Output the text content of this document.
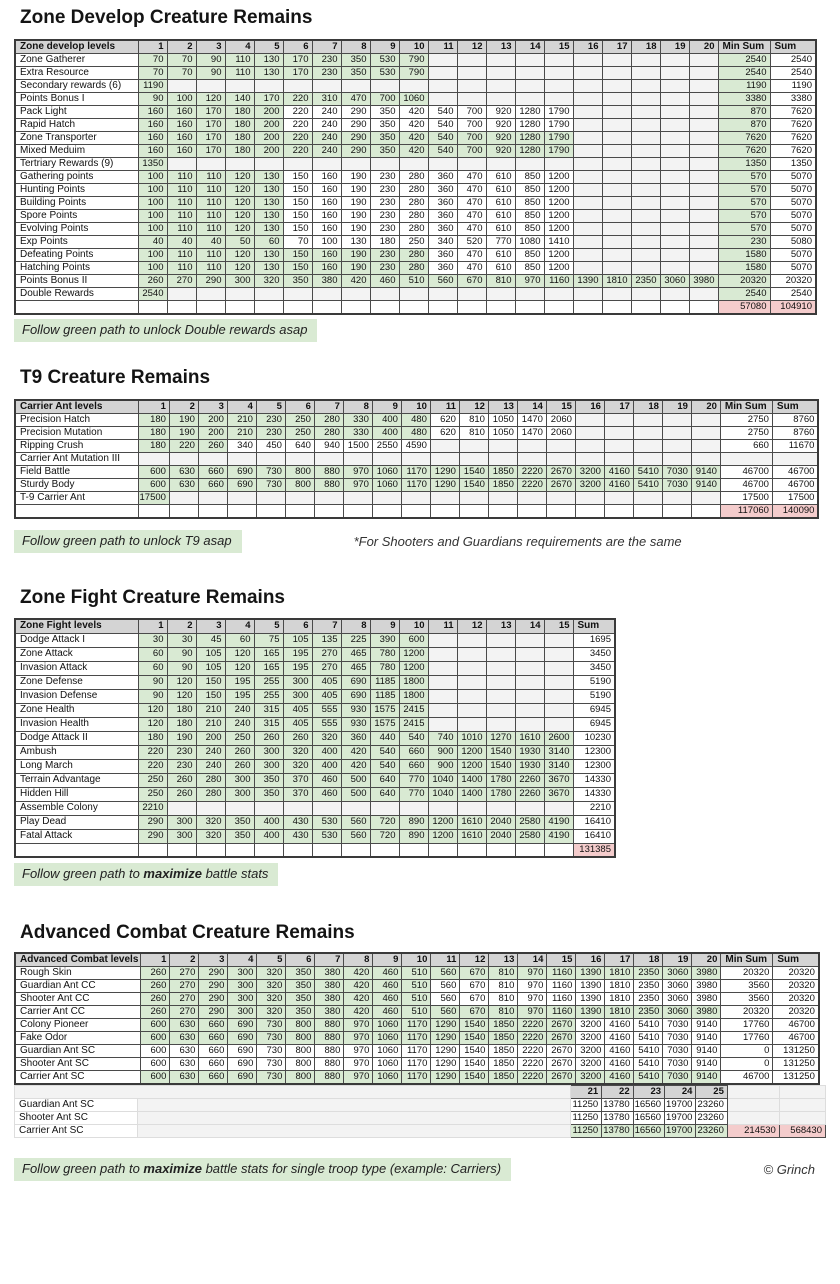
Zone Develop Creature Remains
Zone develop levels	1	2	3	4	5	6	7	8	9	10	11	12	13	14	15	16	17	18	19	20	Min Sum	Sum
Zone Gatherer	70	70	90	110	130	170	230	350	530	790											2540	2540
Extra Resource	70	70	90	110	130	170	230	350	530	790											2540	2540
Secondary rewards (6)	1190																				1190	1190
Points Bonus I	90	100	120	140	170	220	310	470	700	1060											3380	3380
Pack Light	160	160	170	180	200	220	240	290	350	420	540	700	920	1280	1790						870	7620
Rapid Hatch	160	160	170	180	200	220	240	290	350	420	540	700	920	1280	1790						870	7620
Zone Transporter	160	160	170	180	200	220	240	290	350	420	540	700	920	1280	1790						7620	7620
Mixed Meduim	160	160	170	180	200	220	240	290	350	420	540	700	920	1280	1790						7620	7620
Tertriary Rewards (9)	1350																				1350	1350
Gathering points	100	110	110	120	130	150	160	190	230	280	360	470	610	850	1200						570	5070
Hunting Points	100	110	110	120	130	150	160	190	230	280	360	470	610	850	1200						570	5070
Building Points	100	110	110	120	130	150	160	190	230	280	360	470	610	850	1200						570	5070
Spore Points	100	110	110	120	130	150	160	190	230	280	360	470	610	850	1200						570	5070
Evolving Points	100	110	110	120	130	150	160	190	230	280	360	470	610	850	1200						570	5070
Exp Points	40	40	40	50	60	70	100	130	180	250	340	520	770	1080	1410						230	5080
Defeating Points	100	110	110	120	130	150	160	190	230	280	360	470	610	850	1200						1580	5070
Hatching Points	100	110	110	120	130	150	160	190	230	280	360	470	610	850	1200						1580	5070
Points Bonus II	260	270	290	300	320	350	380	420	460	510	560	670	810	970	1160	1390	1810	2350	3060	3980	20320	20320
Double Rewards	2540																				2540	2540
																					57080	104910
Follow green path to unlock Double rewards asap
T9 Creature Remains
Carrier Ant levels	1	2	3	4	5	6	7	8	9	10	11	12	13	14	15	16	17	18	19	20	Min Sum	Sum
Precision Hatch	180	190	200	210	230	250	280	330	400	480	620	810	1050	1470	2060						2750	8760
Precision Mutation	180	190	200	210	230	250	280	330	400	480	620	810	1050	1470	2060						2750	8760
Ripping Crush	180	220	260	340	450	640	940	1500	2550	4590											660	11670
Carrier Ant Mutation III																						
Field Battle	600	630	660	690	730	800	880	970	1060	1170	1290	1540	1850	2220	2670	3200	4160	5410	7030	9140	46700	46700
Sturdy Body	600	630	660	690	730	800	880	970	1060	1170	1290	1540	1850	2220	2670	3200	4160	5410	7030	9140	46700	46700
T-9 Carrier Ant	17500																				17500	17500
																					117060	140090
Follow green path to unlock T9 asap	*For Shooters and Guardians requirements are the same
Zone Fight Creature Remains
Zone Fight levels	1	2	3	4	5	6	7	8	9	10	11	12	13	14	15	Sum
Dodge Attack I	30	30	45	60	75	105	135	225	390	600						1695
Zone Attack	60	90	105	120	165	195	270	465	780	1200						3450
Invasion Attack	60	90	105	120	165	195	270	465	780	1200						3450
Zone Defense	90	120	150	195	255	300	405	690	1185	1800						5190
Invasion Defense	90	120	150	195	255	300	405	690	1185	1800						5190
Zone Health	120	180	210	240	315	405	555	930	1575	2415						6945
Invasion Health	120	180	210	240	315	405	555	930	1575	2415						6945
Dodge Attack II	180	190	200	250	260	260	320	360	440	540	740	1010	1270	1610	2600	10230
Ambush	220	230	240	260	300	320	400	420	540	660	900	1200	1540	1930	3140	12300
Long March	220	230	240	260	300	320	400	420	540	660	900	1200	1540	1930	3140	12300
Terrain Advantage	250	260	280	300	350	370	460	500	640	770	1040	1400	1780	2260	3670	14330
Hidden Hill	250	260	280	300	350	370	460	500	640	770	1040	1400	1780	2260	3670	14330
Assemble Colony	2210															2210
Play Dead	290	300	320	350	400	430	530	560	720	890	1200	1610	2040	2580	4190	16410
Fatal Attack	290	300	320	350	400	430	530	560	720	890	1200	1610	2040	2580	4190	16410
																131385
Follow green path to maximize battle stats
Advanced Combat Creature Remains
Advanced Combat levels	1	2	3	4	5	6	7	8	9	10	11	12	13	14	15	16	17	18	19	20	Min Sum	Sum
Rough Skin	260	270	290	300	320	350	380	420	460	510	560	670	810	970	1160	1390	1810	2350	3060	3980	20320	20320
Guardian Ant CC	260	270	290	300	320	350	380	420	460	510	560	670	810	970	1160	1390	1810	2350	3060	3980	3560	20320
Shooter Ant CC	260	270	290	300	320	350	380	420	460	510	560	670	810	970	1160	1390	1810	2350	3060	3980	3560	20320
Carrier Ant CC	260	270	290	300	320	350	380	420	460	510	560	670	810	970	1160	1390	1810	2350	3060	3980	20320	20320
Colony Pioneer	600	630	660	690	730	800	880	970	1060	1170	1290	1540	1850	2220	2670	3200	4160	5410	7030	9140	17760	46700
Fake Odor	600	630	660	690	730	800	880	970	1060	1170	1290	1540	1850	2220	2670	3200	4160	5410	7030	9140	17760	46700
Guardian Ant SC	600	630	660	690	730	800	880	970	1060	1170	1290	1540	1850	2220	2670	3200	4160	5410	7030	9140	0	131250
Shooter Ant SC	600	630	660	690	730	800	880	970	1060	1170	1290	1540	1850	2220	2670	3200	4160	5410	7030	9140	0	131250
Carrier Ant SC	600	630	660	690	730	800	880	970	1060	1170	1290	1540	1850	2220	2670	3200	4160	5410	7030	9140	46700	131250
		21	22	23	24	25		
Guardian Ant SC		11250	13780	16560	19700	23260		
Shooter Ant SC		11250	13780	16560	19700	23260		
Carrier Ant SC		11250	13780	16560	19700	23260	214530	568430
Follow green path to maximize battle stats for single troop type (example: Carriers)	© Grinch
